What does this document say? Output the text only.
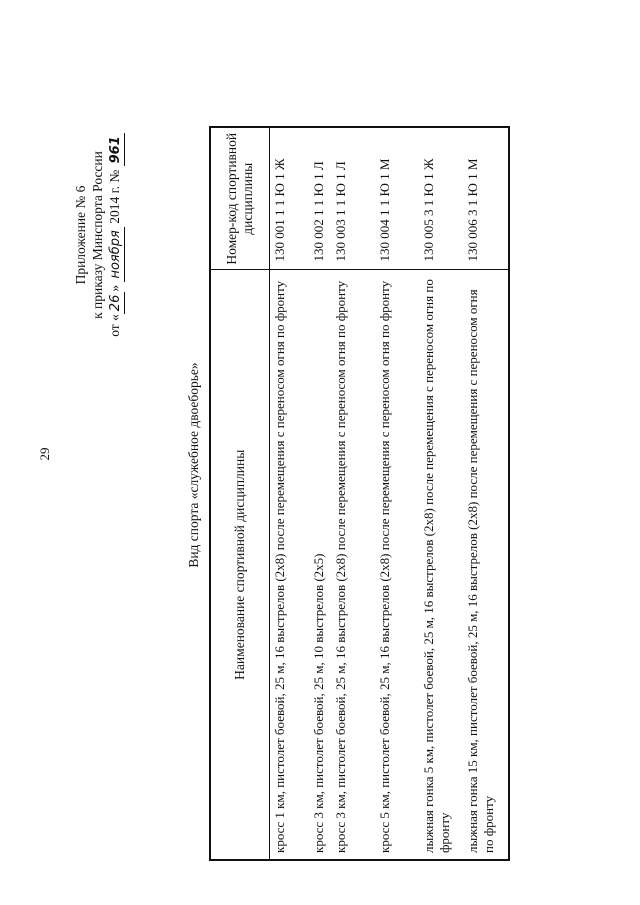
29
Приложение № 6 к приказу Минспорта России
от «26» ноября 2014 г. № 961
Вид спорта «служебное двоеборье» Наименование спортивной дисциплины	Номер-код спортивной дисциплины
кросс 1 км, пистолет боевой, 25 м, 16 выстрелов (2х8) после перемещения с переносом огня по фронту	130 001 1 1 Ю 1 Ж
кросс 3 км, пистолет боевой, 25 м, 10 выстрелов (2х5)	130 002 1 1 Ю 1 Л
кросс 3 км, пистолет боевой, 25 м, 16 выстрелов (2х8) после перемещения с переносом огня по фронту	130 003 1 1 Ю 1 Л
кросс 5 км, пистолет боевой, 25 м, 16 выстрелов (2х8) после перемещения с переносом огня по фронту	130 004 1 1 Ю 1 М
лыжная гонка 5 км, пистолет боевой, 25 м, 16 выстрелов (2х8) после перемещения с переносом огня по фронту	130 005 3 1 Ю 1 Ж
лыжная гонка 15 км, пистолет боевой, 25 м, 16 выстрелов (2х8) после перемещения с переносом огня по фронту	130 006 3 1 Ю 1 М
